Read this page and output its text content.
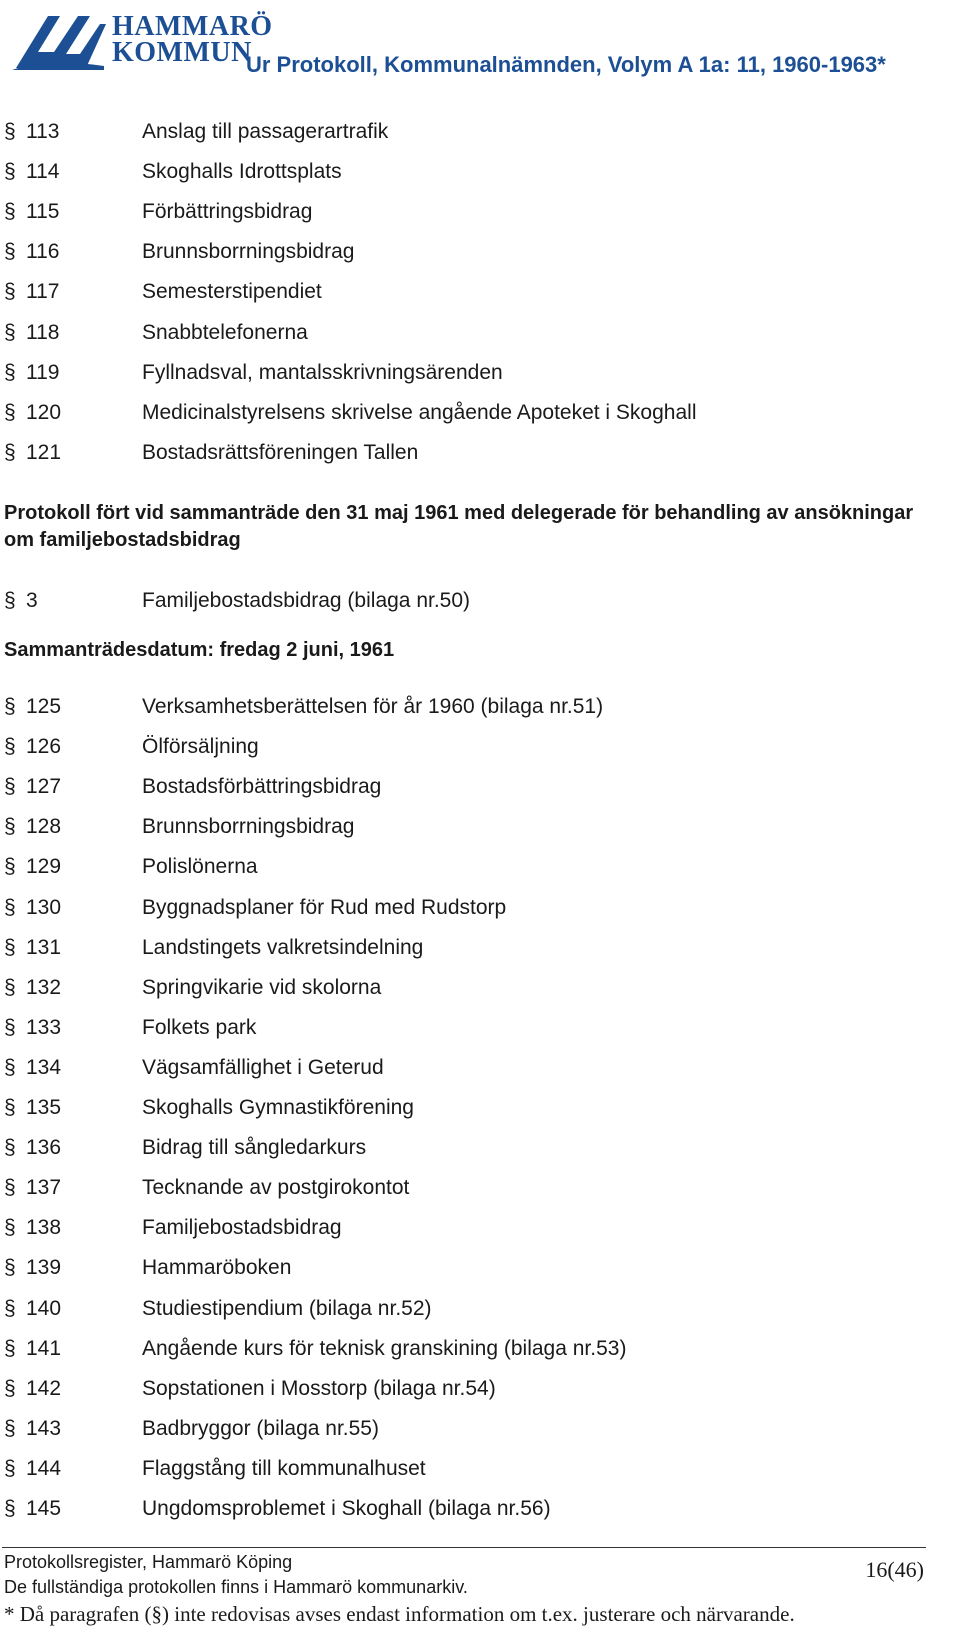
HAMMARÖ
KOMMUN
Ur Protokoll, Kommunalnämnden, Volym A 1a: 11, 1960-1963*
§ 113	Anslag till passagerartrafik
§ 114	Skoghalls Idrottsplats
§ 115	Förbättringsbidrag
§ 116	Brunnsborrningsbidrag
§ 117	Semesterstipendiet
§ 118	Snabbtelefonerna
§ 119	Fyllnadsval, mantalsskrivningsärenden
§ 120	Medicinalstyrelsens skrivelse angående Apoteket i Skoghall
§ 121	Bostadsrättsföreningen Tallen
Protokoll fört vid sammanträde den 31 maj 1961 med delegerade för behandling av ansökningar om familjebostadsbidrag
§ 3	Familjebostadsbidrag (bilaga nr.50)
Sammanträdesdatum: fredag 2 juni, 1961
§ 125	Verksamhetsberättelsen för år 1960 (bilaga nr.51)
§ 126	Ölförsäljning
§ 127	Bostadsförbättringsbidrag
§ 128	Brunnsborrningsbidrag
§ 129	Polislönerna
§ 130	Byggnadsplaner för Rud med Rudstorp
§ 131	Landstingets valkretsindelning
§ 132	Springvikarie vid skolorna
§ 133	Folkets park
§ 134	Vägsamfällighet i Geterud
§ 135	Skoghalls Gymnastikförening
§ 136	Bidrag till sångledarkurs
§ 137	Tecknande av postgirokontot
§ 138	Familjebostadsbidrag
§ 139	Hammaröboken
§ 140	Studiestipendium (bilaga nr.52)
§ 141	Angående kurs för teknisk granskining (bilaga nr.53)
§ 142	Sopstationen i Mosstorp (bilaga nr.54)
§ 143	Badbryggor (bilaga nr.55)
§ 144	Flaggstång till kommunalhuset
§ 145	Ungdomsproblemet i Skoghall (bilaga nr.56)
Protokollsregister, Hammarö Köping	16(46)
De fullständiga protokollen finns i Hammarö kommunarkiv.
* Då paragrafen (§) inte redovisas avses endast information om t.ex. justerare och närvarande.
